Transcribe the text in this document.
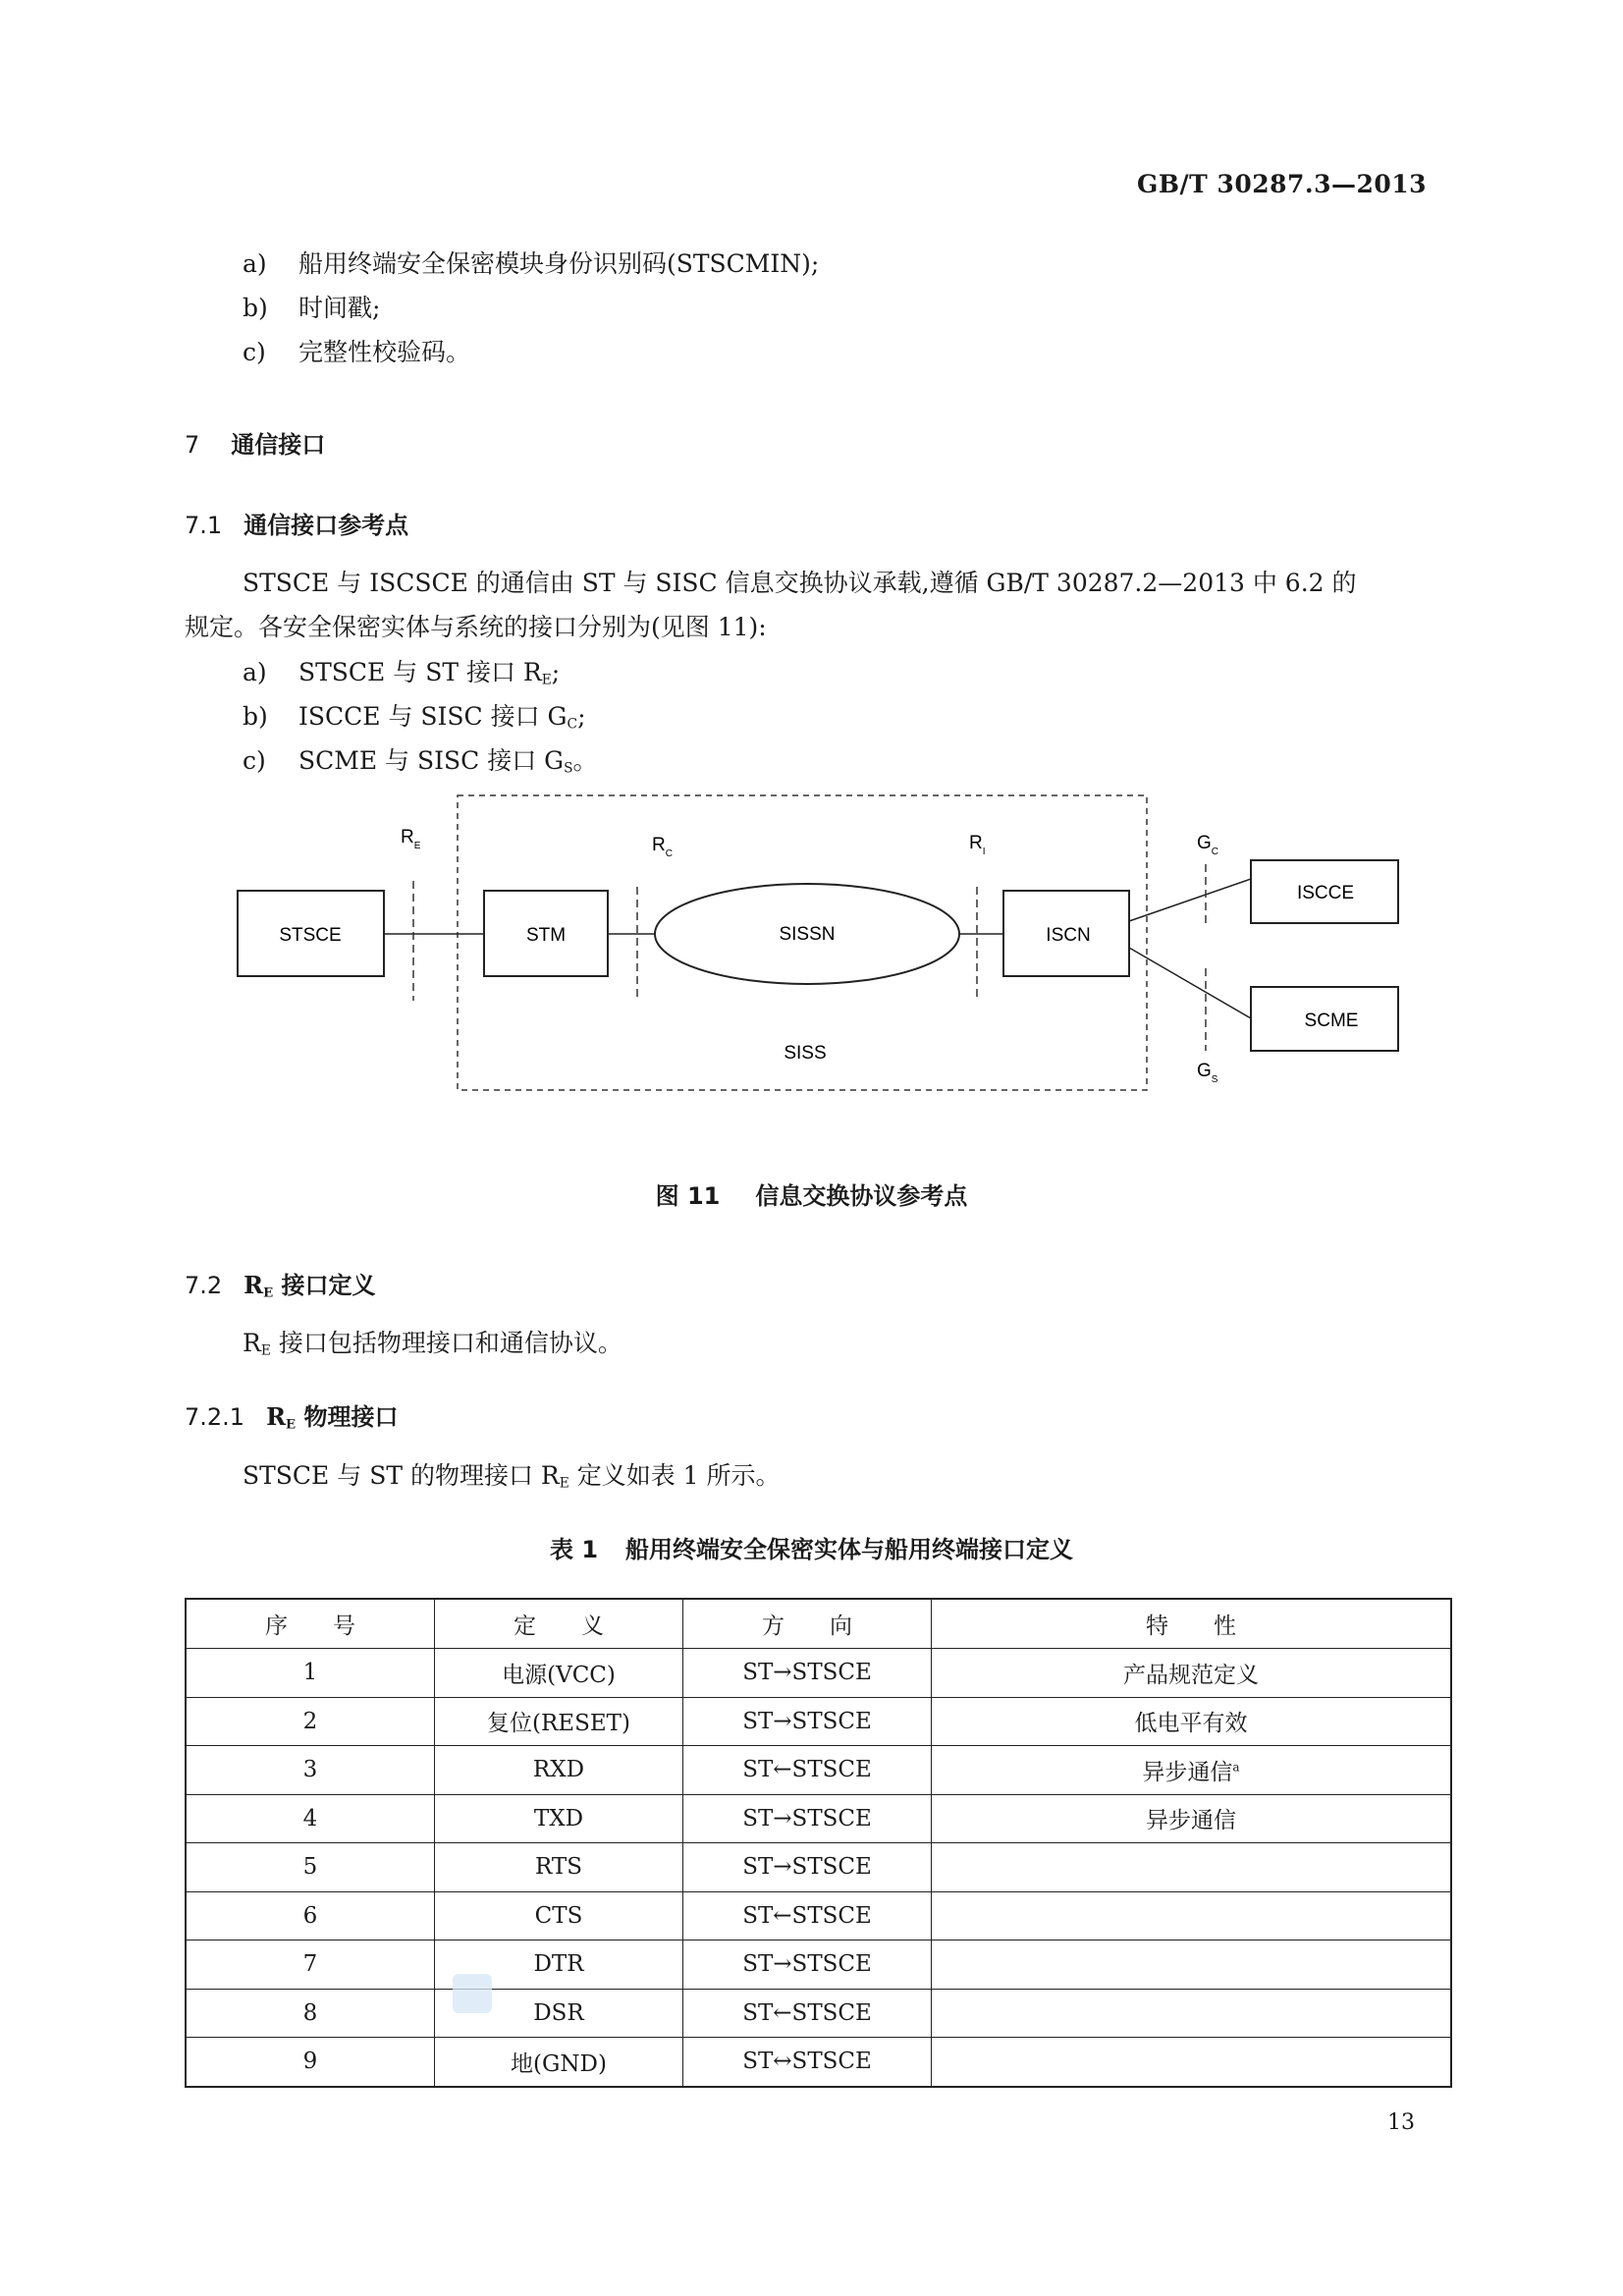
GB/T 30287.3—2013
a) 船用终端安全保密模块身份识别码(STSCMIN);
b) 时间戳;
c) 完整性校验码。
7 通信接口
7.1 通信接口参考点
STSCE 与 ISCSCE 的通信由 ST 与 SISC 信息交换协议承载,遵循 GB/T 30287.2—2013 中 6.2 的
规定。各安全保密实体与系统的接口分别为(见图 11):
a) STSCE 与 ST 接口 $R_E$;
b) ISCCE 与 SISC 接口 $G_C$;
c) SCME 与 SISC 接口 $G_S$。
STSCE	STM	SISSN	ISCN
ISCCE
SCME
SISS
$R_E$	$R_C$
$R_I$	$G_C$
$G_S$
图 11 信息交换协议参考点
7.2 $R_E$ 接口定义
$R_E$ 接口包括物理接口和通信协议。
7.2.1 $R_E$ 物理接口
STSCE 与 ST 的物理接口 $R_E$ 定义如表 1 所示。
表 1 船用终端安全保密实体与船用终端接口定义
序　　号	定　　义	方　　向	特　　性
1	电源(VCC)	ST→STSCE	产品规范定义
2	复位(RESET)	ST→STSCE	低电平有效
3	RXD	ST←STSCE	异步通信$^a$
4	TXD	ST→STSCE	异步通信
5	RTS	ST→STSCE	
6	CTS	ST←STSCE	
7	DTR	ST→STSCE	
8	DSR	ST←STSCE	
9	地(GND)	ST↔STSCE	
13
